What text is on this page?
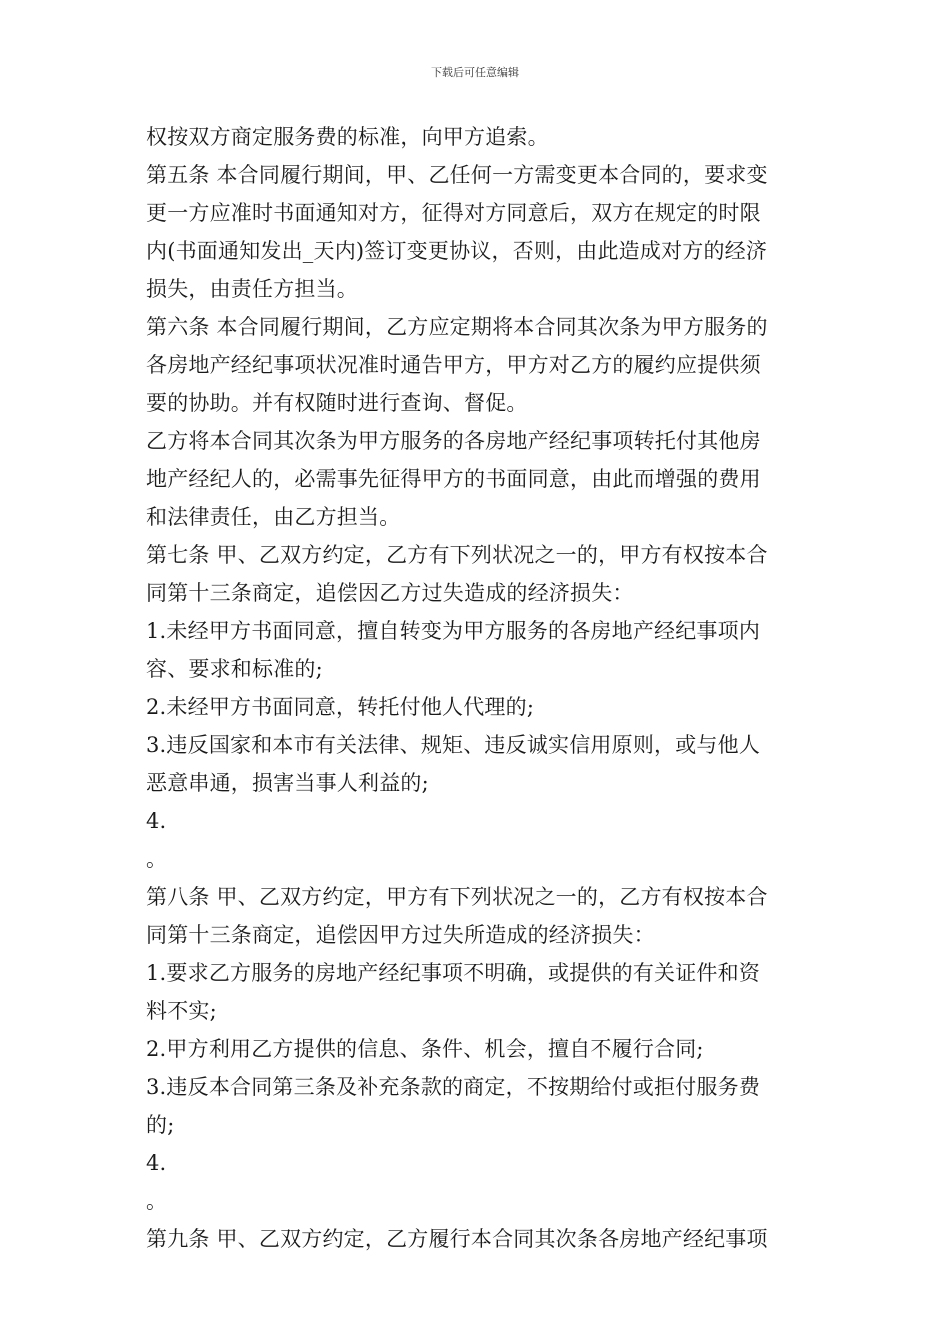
下载后可任意编辑
权按双方商定服务费的标准，向甲方追索。
第五条 本合同履行期间，甲、乙任何一方需变更本合同的，要求变
更一方应准时书面通知对方，征得对方同意后，双方在规定的时限
内(书面通知发出_天内)签订变更协议，否则，由此造成对方的经济
损失，由责任方担当。
第六条 本合同履行期间，乙方应定期将本合同其次条为甲方服务的
各房地产经纪事项状况准时通告甲方，甲方对乙方的履约应提供须
要的协助。并有权随时进行查询、督促。
乙方将本合同其次条为甲方服务的各房地产经纪事项转托付其他房
地产经纪人的，必需事先征得甲方的书面同意，由此而增强的费用
和法律责任，由乙方担当。
第七条 甲、乙双方约定，乙方有下列状况之一的，甲方有权按本合
同第十三条商定，追偿因乙方过失造成的经济损失：
1.未经甲方书面同意，擅自转变为甲方服务的各房地产经纪事项内
容、要求和标准的;
2.未经甲方书面同意，转托付他人代理的;
3.违反国家和本市有关法律、规矩、违反诚实信用原则，或与他人
恶意串通，损害当事人利益的;
4.
。
第八条 甲、乙双方约定，甲方有下列状况之一的，乙方有权按本合
同第十三条商定，追偿因甲方过失所造成的经济损失：
1.要求乙方服务的房地产经纪事项不明确，或提供的有关证件和资
料不实;
2.甲方利用乙方提供的信息、条件、机会，擅自不履行合同;
3.违反本合同第三条及补充条款的商定，不按期给付或拒付服务费
的;
4.
。
第九条 甲、乙双方约定，乙方履行本合同其次条各房地产经纪事项
